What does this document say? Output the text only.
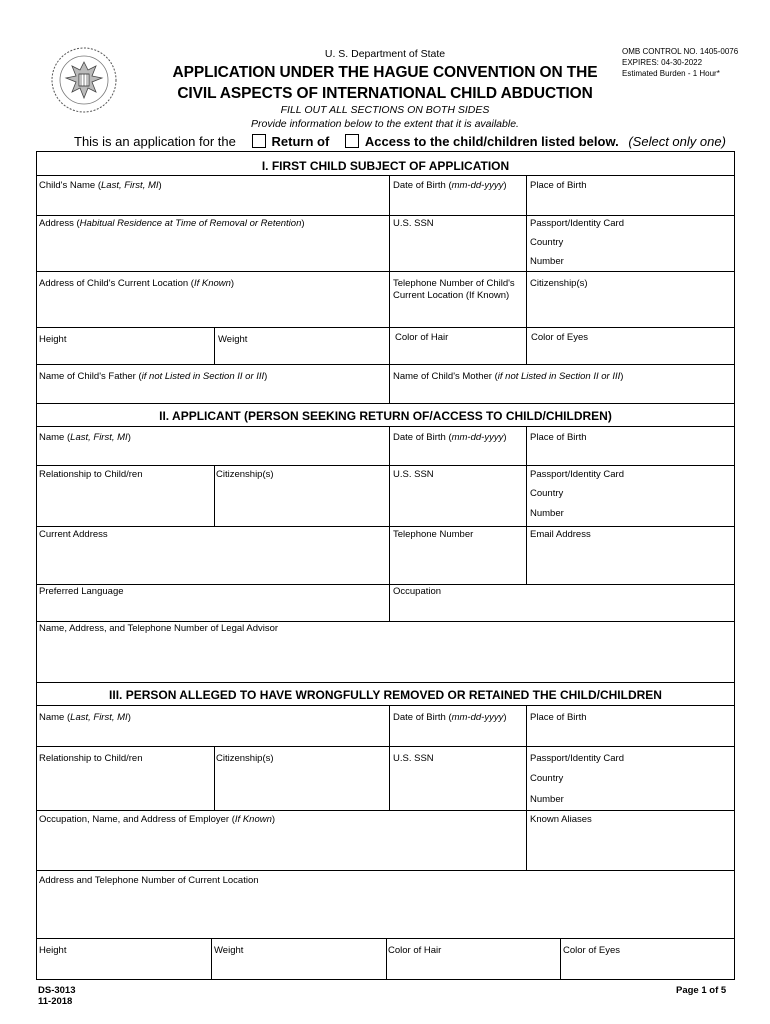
U. S. Department of State	OMB CONTROL NO. 1405-0076
EXPIRES: 04-30-2022
Estimated Burden - 1 Hour*
APPLICATION UNDER THE HAGUE CONVENTION ON THE
CIVIL ASPECTS OF INTERNATIONAL CHILD ABDUCTION
FILL OUT ALL SECTIONS ON BOTH SIDES
Provide information below to the extent that it is available.
This is an application for the	Return of	Access to the child/children listed below. (Select only one)
I. FIRST CHILD SUBJECT OF APPLICATION
Child's Name (Last, First, MI)	Date of Birth (mm-dd-yyyy) Place of Birth
Address (Habitual Residence at Time of Removal or Retention)	U.S. SSN	Passport/Identity Card
Country
Number
Address of Child's Current Location (If Known)	Telephone Number of Child's
Current Location (If Known)
Citizenship(s)
Height	Weight	Color of Hair	Color of Eyes
Name of Child's Father (if not Listed in Section II or III)	Name of Child's Mother (if not Listed in Section II or III)
II. APPLICANT (PERSON SEEKING RETURN OF/ACCESS TO CHILD/CHILDREN)
Name (Last, First, MI)	Date of Birth (mm-dd-yyyy) Place of Birth
Relationship to Child/ren	Citizenship(s)	U.S. SSN	Passport/Identity Card
Country
Number
Current Address	Telephone Number	Email Address
Preferred Language	Occupation
Name, Address, and Telephone Number of Legal Advisor
III. PERSON ALLEGED TO HAVE WRONGFULLY REMOVED OR RETAINED THE CHILD/CHILDREN
Name (Last, First, MI)	Date of Birth (mm-dd-yyyy) Place of Birth
Relationship to Child/ren	Citizenship(s)	U.S. SSN	Passport/Identity Card
Country
Number
Occupation, Name, and Address of Employer (If Known)	Known Aliases
Address and Telephone Number of Current Location
Height	Weight	Color of Hair	Color of Eyes
DS-3013
11-2018
Page 1 of 5
